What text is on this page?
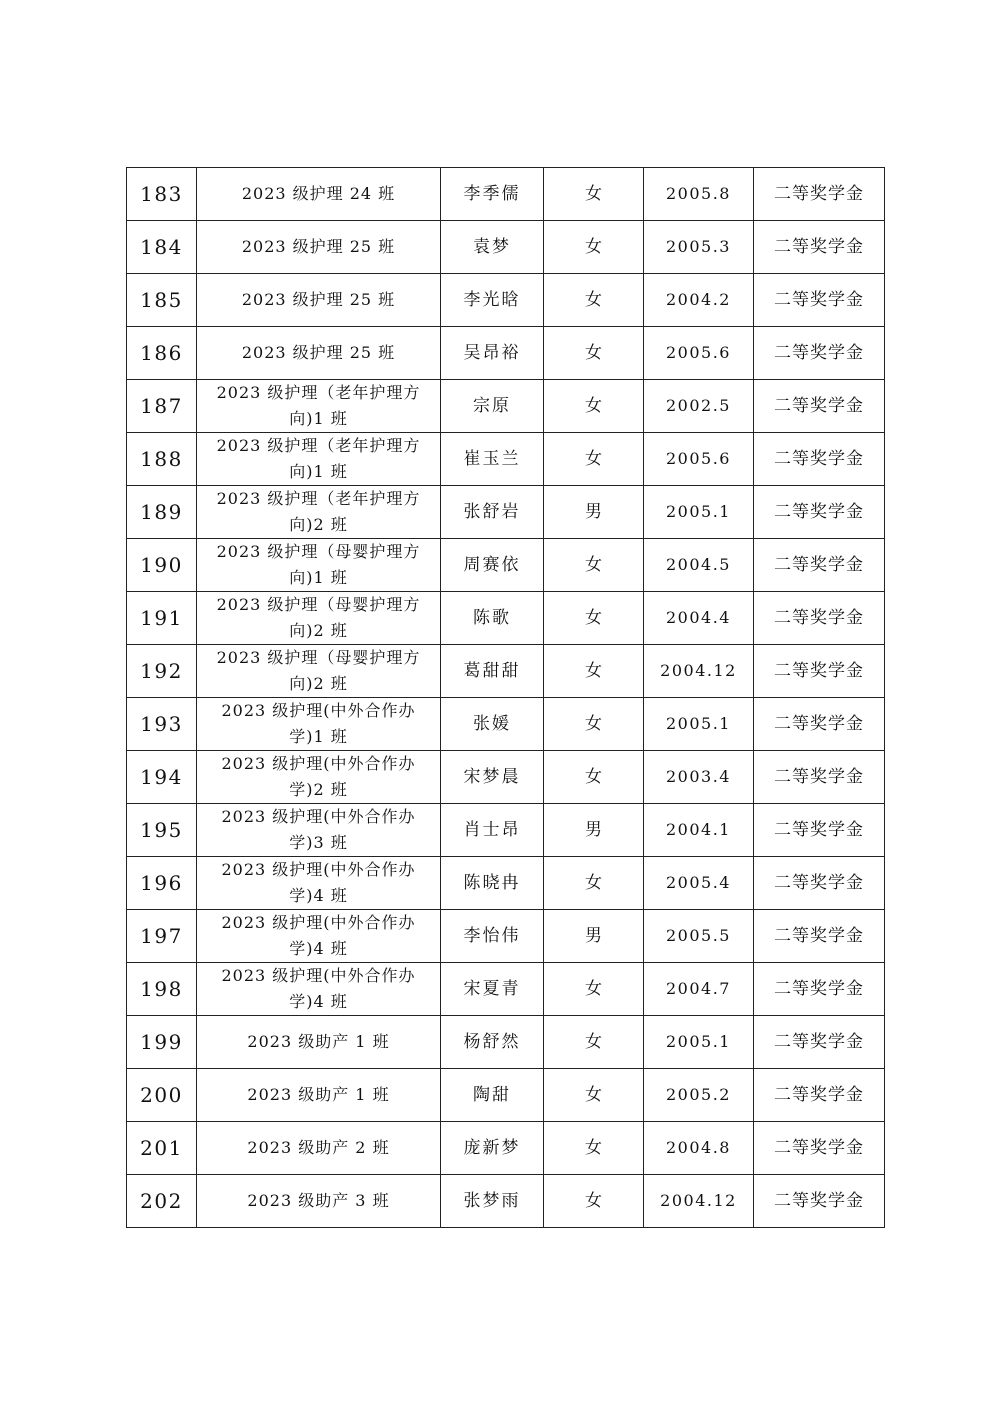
183	2023 级护理 24 班	李季儒	女	2005.8	二等奖学金
184	2023 级护理 25 班	袁梦	女	2005.3	二等奖学金
185	2023 级护理 25 班	李光晗	女	2004.2	二等奖学金
186	2023 级护理 25 班	吴昂裕	女	2005.6	二等奖学金
187	2023 级护理（老年护理方向)1 班	宗原	女	2002.5	二等奖学金
188	2023 级护理（老年护理方向)1 班	崔玉兰	女	2005.6	二等奖学金
189	2023 级护理（老年护理方向)2 班	张舒岩	男	2005.1	二等奖学金
190	2023 级护理（母婴护理方向)1 班	周赛依	女	2004.5	二等奖学金
191	2023 级护理（母婴护理方向)2 班	陈歌	女	2004.4	二等奖学金
192	2023 级护理（母婴护理方向)2 班	葛甜甜	女	2004.12	二等奖学金
193	2023 级护理(中外合作办学)1 班	张媛	女	2005.1	二等奖学金
194	2023 级护理(中外合作办学)2 班	宋梦晨	女	2003.4	二等奖学金
195	2023 级护理(中外合作办学)3 班	肖士昂	男	2004.1	二等奖学金
196	2023 级护理(中外合作办学)4 班	陈晓冉	女	2005.4	二等奖学金
197	2023 级护理(中外合作办学)4 班	李怡伟	男	2005.5	二等奖学金
198	2023 级护理(中外合作办学)4 班	宋夏青	女	2004.7	二等奖学金
199	2023 级助产 1 班	杨舒然	女	2005.1	二等奖学金
200	2023 级助产 1 班	陶甜	女	2005.2	二等奖学金
201	2023 级助产 2 班	庞新梦	女	2004.8	二等奖学金
202	2023 级助产 3 班	张梦雨	女	2004.12	二等奖学金
